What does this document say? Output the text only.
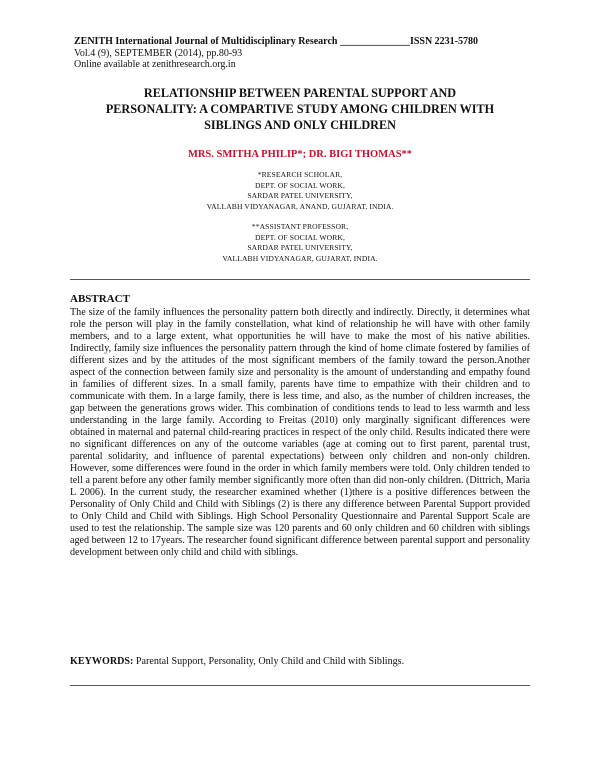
ZENITH International Journal of Multidisciplinary Research ______________ISSN 2231-5780
Vol.4 (9), SEPTEMBER (2014), pp.80-93
Online available at zenithresearch.org.in
RELATIONSHIP BETWEEN PARENTAL SUPPORT AND
PERSONALITY: A COMPARTIVE STUDY AMONG CHILDREN WITH
SIBLINGS AND ONLY CHILDREN
MRS. SMITHA PHILIP*; DR. BIGI THOMAS**
*RESEARCH SCHOLAR,
DEPT. OF SOCIAL WORK,
SARDAR PATEL UNIVERSITY,
VALLABH VIDYANAGAR, ANAND, GUJARAT, INDIA.
**ASSISTANT PROFESSOR,
DEPT. OF SOCIAL WORK,
SARDAR PATEL UNIVERSITY,
VALLABH VIDYANAGAR, GUJARAT, INDIA.
ABSTRACT

The size of the family influences the personality pattern both directly and indirectly. Directly, it determines what role the person will play in the family constellation, what kind of relationship he will have with other family members, and to a large extent, what opportunities he will have to make the most of his native abilities. Indirectly, family size influences the personality pattern through the kind of home climate fostered by families of different sizes and by the attitudes of the most significant members of the family toward the person.Another aspect of the connection between family size and personality is the amount of understanding and empathy found in families of different sizes. In a small family, parents have time to empathize with their children and to communicate with them. In a large family, there is less time, and also, as the number of children increases, the gap between the generations grows wider. This combination of conditions tends to lead to less warmth and less understanding in the large family. According to Freitas (2010) only marginally significant differences were obtained in maternal and paternal child-rearing practices in respect of the only child. Results indicated there were no significant differences on any of the outcome variables (age at coming out to first parent, parental trust, parental solidarity, and influence of parental expectations) between only children and non-only children. However, some differences were found in the order in which family members were told. Only children tended to tell a parent before any other family member significantly more often than did non-only children. (Dittrich, Maria L 2006). In the current study, the researcher examined whether (1)there is a positive differences between the Personality of Only Child and Child with Siblings (2) is there any difference between Parental Support provided to Only Child and Child with Siblings. High School Personality Questionnaire and Parental Support Scale are used to test the relationship. The sample size was 120 parents and 60 only children and 60 children with siblings aged between 12 to 17years. The researcher found significant difference between parental support and personality development between only child and child with siblings.

KEYWORDS: Parental Support, Personality, Only Child and Child with Siblings.
